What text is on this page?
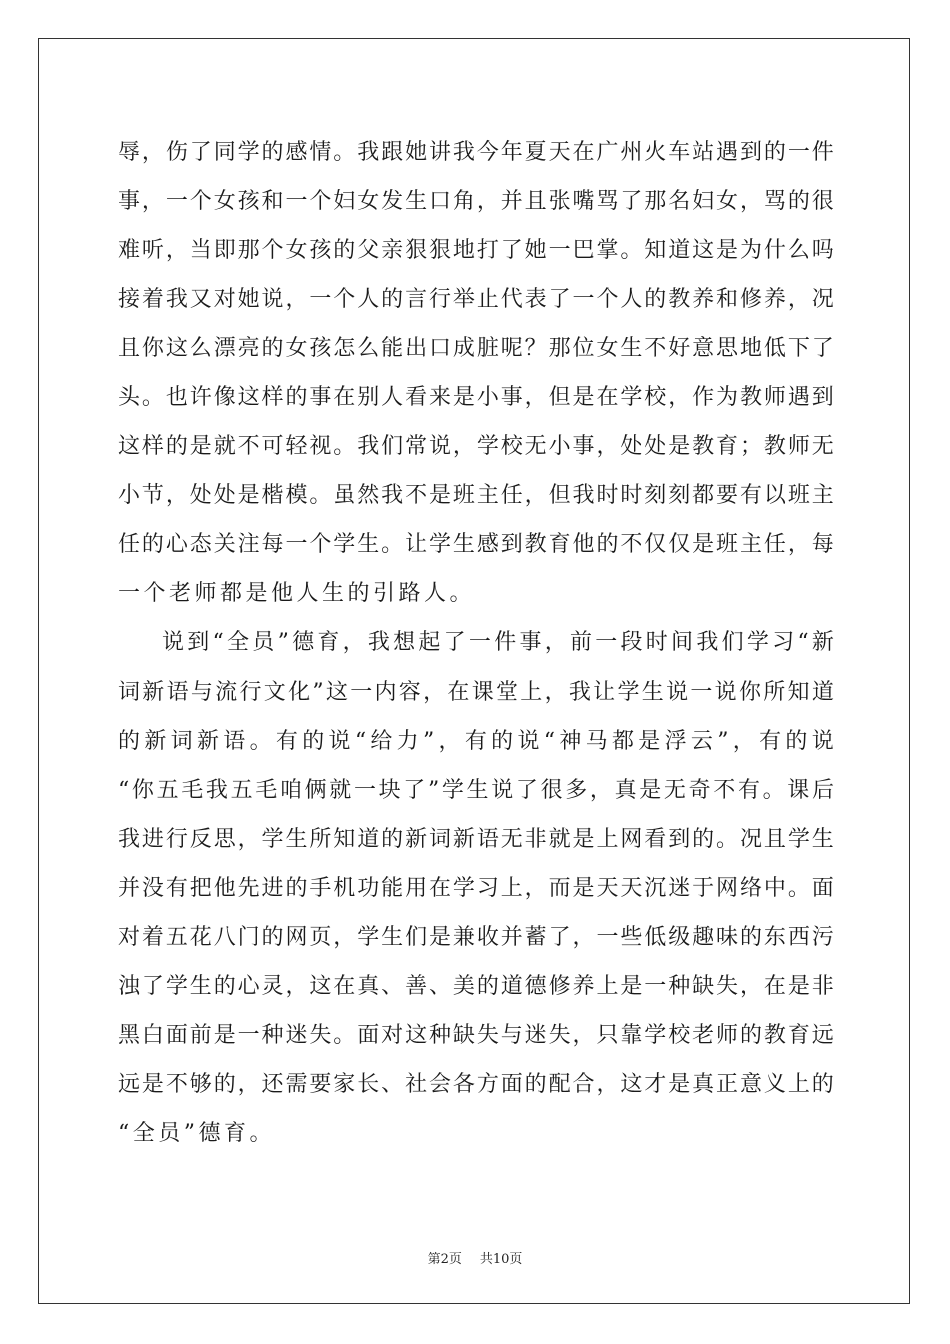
辱 ， 伤 了 同 学 的 感 情 。 我 跟 她 讲 我 今 年 夏 天 在 广 州 火 车 站 遇 到 的 一 件
事 ， 一 个 女 孩 和 一 个 妇 女 发 生 口 角 ， 并 且 张 嘴 骂 了 那 名 妇 女 ， 骂 的 很
难 听 ， 当 即 那 个 女 孩 的 父 亲 狠 狠 地 打 了 她 一 巴 掌 。 知 道 这 是 为 什 么 吗
接 着 我 又 对 她 说 ， 一 个 人 的 言 行 举 止 代 表 了 一 个 人 的 教 养 和 修 养 ， 况
且 你 这 么 漂 亮 的 女 孩 怎 么 能 出 口 成 脏 呢 ？ 那 位 女 生 不 好 意 思 地 低 下 了
头 。 也 许 像 这 样 的 事 在 别 人 看 来 是 小 事 ， 但 是 在 学 校 ， 作 为 教 师 遇 到
这 样 的 是 就 不 可 轻 视 。 我 们 常 说 ， 学 校 无 小 事 ， 处 处 是 教 育 ； 教 师 无
小 节 ， 处 处 是 楷 模 。 虽 然 我 不 是 班 主 任 ， 但 我 时 时 刻 刻 都 要 有 以 班 主
任 的 心 态 关 注 每 一 个 学 生 。 让 学 生 感 到 教 育 他 的 不 仅 仅 是 班 主 任 ， 每
一个老师都是他人生的引路人。
说 到 “ 全 员 ” 德 育 ， 我 想 起 了 一 件 事 ， 前 一 段 时 间 我 们 学 习 “ 新
词 新 语 与 流 行 文 化 ” 这 一 内 容 ， 在 课 堂 上 ， 我 让 学 生 说 一 说 你 所 知 道
的 新 词 新 语 。 有 的 说 “ 给 力 ” ， 有 的 说 “ 神 马 都 是 浮 云 ” ， 有 的 说
“ 你 五 毛 我 五 毛 咱 俩 就 一 块 了 ” 学 生 说 了 很 多 ， 真 是 无 奇 不 有 。 课 后
我 进 行 反 思 ， 学 生 所 知 道 的 新 词 新 语 无 非 就 是 上 网 看 到 的 。 况 且 学 生
并 没 有 把 他 先 进 的 手 机 功 能 用 在 学 习 上 ， 而 是 天 天 沉 迷 于 网 络 中 。 面
对 着 五 花 八 门 的 网 页 ， 学 生 们 是 兼 收 并 蓄 了 ， 一 些 低 级 趣 味 的 东 西 污
浊 了 学 生 的 心 灵 ， 这 在 真 、 善 、 美 的 道 德 修 养 上 是 一 种 缺 失 ， 在 是 非
黑 白 面 前 是 一 种 迷 失 。 面 对 这 种 缺 失 与 迷 失 ， 只 靠 学 校 老 师 的 教 育 远
远 是 不 够 的 ， 还 需 要 家 长 、 社 会 各 方 面 的 配 合 ， 这 才 是 真 正 意 义 上 的
“全员”德育。
第2页 共10页
